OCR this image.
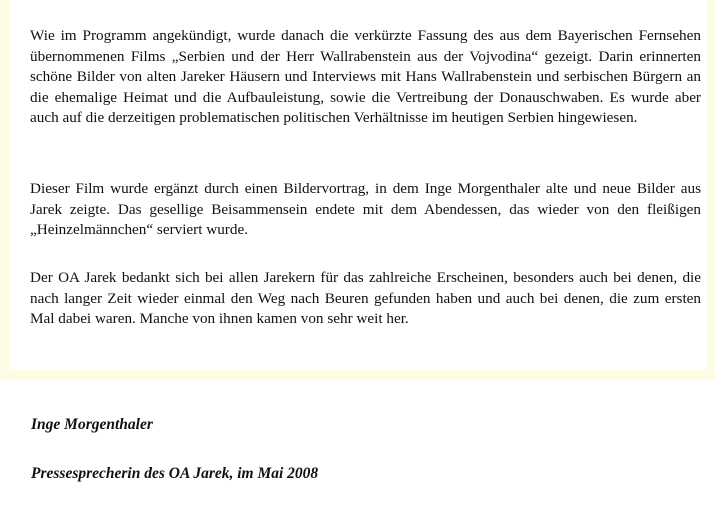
Wie im Programm angekündigt, wurde danach die verkürzte Fassung des aus dem Bayerischen Fernsehen übernommenen Films „Serbien und der Herr Wallrabenstein aus der Vojvodina“ gezeigt. Darin erinnerten schöne Bilder von alten Jareker Häusern und Interviews mit Hans Wallrabenstein und serbischen Bürgern an die ehemalige Heimat und die Aufbauleistung, sowie die Vertreibung der Donauschwaben. Es wurde aber auch auf die derzeitigen problematischen politischen Verhältnisse im heutigen Serbien hingewiesen.

Dieser Film wurde ergänzt durch einen Bildervortrag, in dem Inge Morgenthaler alte und neue Bilder aus Jarek zeigte. Das gesellige Beisammensein endete mit dem Abendessen, das wieder von den fleißigen „Heinzelmännchen“ serviert wurde.

Der OA Jarek bedankt sich bei allen Jarekern für das zahlreiche Erscheinen, besonders auch bei denen, die nach langer Zeit wieder einmal den Weg nach Beuren gefunden haben und auch bei denen, die zum ersten Mal dabei waren. Manche von ihnen kamen von sehr weit her.

Inge Morgenthaler

Pressesprecherin des OA Jarek, im Mai 2008
